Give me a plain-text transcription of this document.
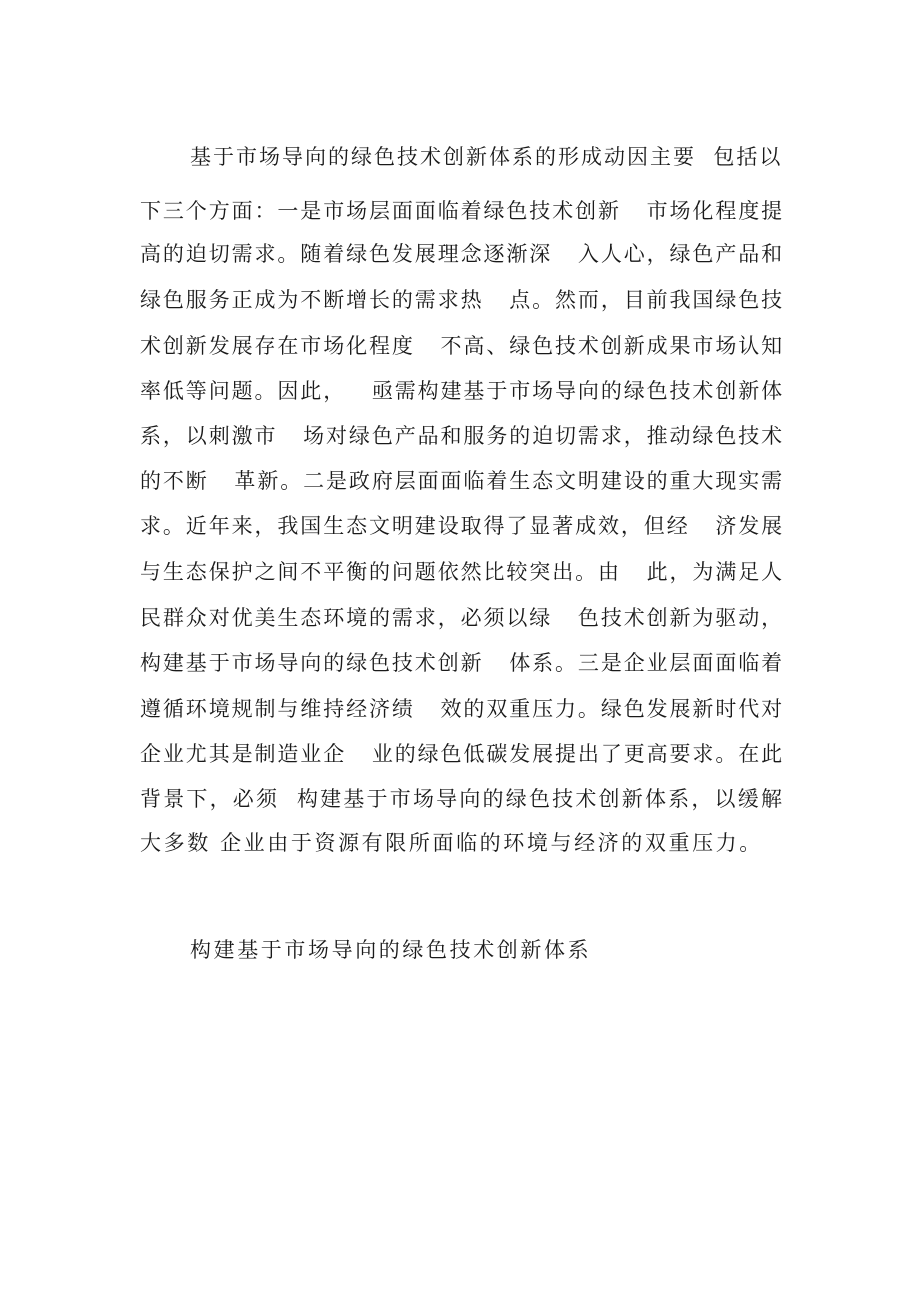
基于市场导向的绿色技术创新体系的形成动因主要  包括以
下三个方面：一是市场层面面临着绿色技术创新   市场化程度提
高的迫切需求。随着绿色发展理念逐渐深   入人心，绿色产品和
绿色服务正成为不断增长的需求热   点。然而，目前我国绿色技
术创新发展存在市场化程度   不高、绿色技术创新成果市场认知
率低等问题。因此，   亟需构建基于市场导向的绿色技术创新体
系，以刺激市   场对绿色产品和服务的迫切需求，推动绿色技术
的不断   革新。二是政府层面面临着生态文明建设的重大现实需
求。近年来，我国生态文明建设取得了显著成效，但经   济发展
与生态保护之间不平衡的问题依然比较突出。由   此，为满足人
民群众对优美生态环境的需求，必须以绿   色技术创新为驱动，
构建基于市场导向的绿色技术创新   体系。三是企业层面面临着
遵循环境规制与维持经济绩   效的双重压力。绿色发展新时代对
企业尤其是制造业企   业的绿色低碳发展提出了更高要求。在此
背景下，必须  构建基于市场导向的绿色技术创新体系，以缓解
大多数 企业由于资源有限所面临的环境与经济的双重压力。
构建基于市场导向的绿色技术创新体系
